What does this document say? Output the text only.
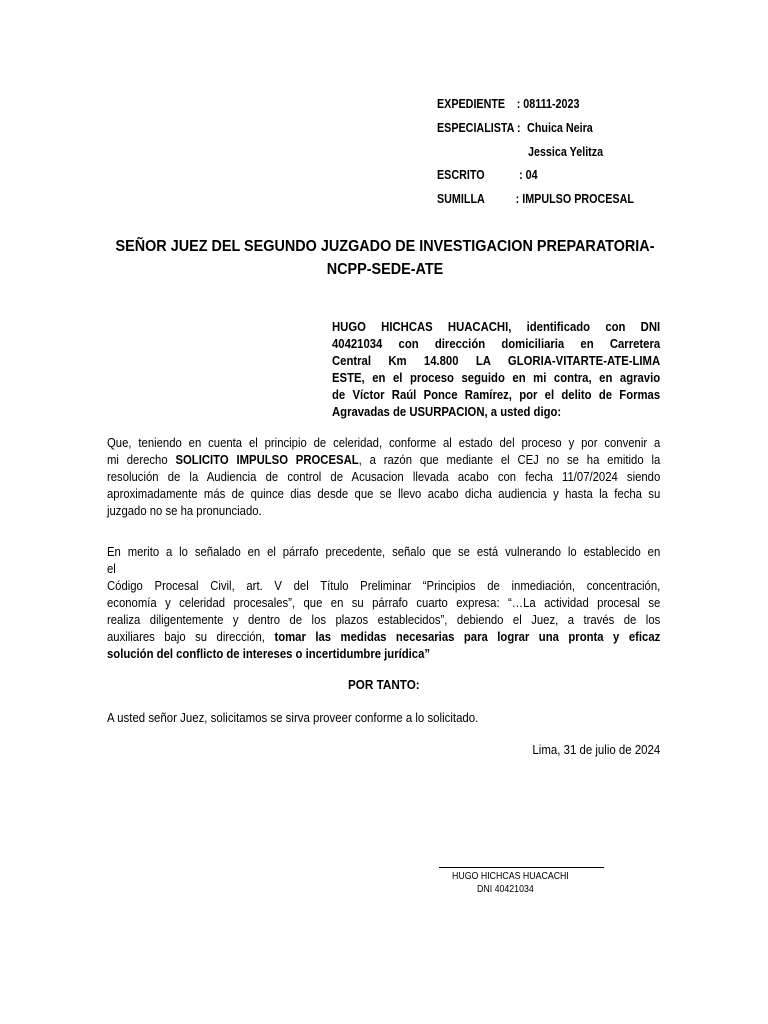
EXPEDIENTE : 08111-2023
ESPECIALISTA : Chuica Neira
Jessica Yelitza
ESCRITO	: 04
SUMILLA : IMPULSO PROCESAL
SEÑOR JUEZ DEL SEGUNDO JUZGADO DE INVESTIGACION PREPARATORIA-
NCPP-SEDE-ATE
HUGO HICHCAS HUACACHI, identificado con DNI
40421034 con dirección domiciliaria en Carretera
Central Km 14.800 LA GLORIA-VITARTE-ATE-LIMA
ESTE, en el proceso seguido en mi contra, en agravio
de Víctor Raúl Ponce Ramírez, por el delito de Formas
Agravadas de USURPACION, a usted digo:
Que, teniendo en cuenta el principio de celeridad, conforme al estado del proceso y por convenir a
mi derecho SOLICITO IMPULSO PROCESAL, a razón que mediante el CEJ no se ha emitido la
resolución de la Audiencia de control de Acusacion llevada acabo con fecha 11/07/2024 siendo
aproximadamente más de quince dias desde que se llevo acabo dicha audiencia y hasta la fecha su
juzgado no se ha pronunciado.
En merito a lo señalado en el párrafo precedente, señalo que se está vulnerando lo establecido en
el
Código Procesal Civil, art. V del Título Preliminar “Principios de inmediación, concentración,
economía y celeridad procesales”, que en su párrafo cuarto expresa: “…La actividad procesal se
realiza diligentemente y dentro de los plazos establecidos”, debiendo el Juez, a través de los
auxiliares bajo su dirección, tomar las medidas necesarias para lograr una pronta y eficaz
solución del conflicto de intereses o incertidumbre jurídica”
POR TANTO:
A usted señor Juez, solicitamos se sirva proveer conforme a lo solicitado.
Lima, 31 de julio de 2024
HUGO HICHCAS HUACACHI
DNI 40421034
